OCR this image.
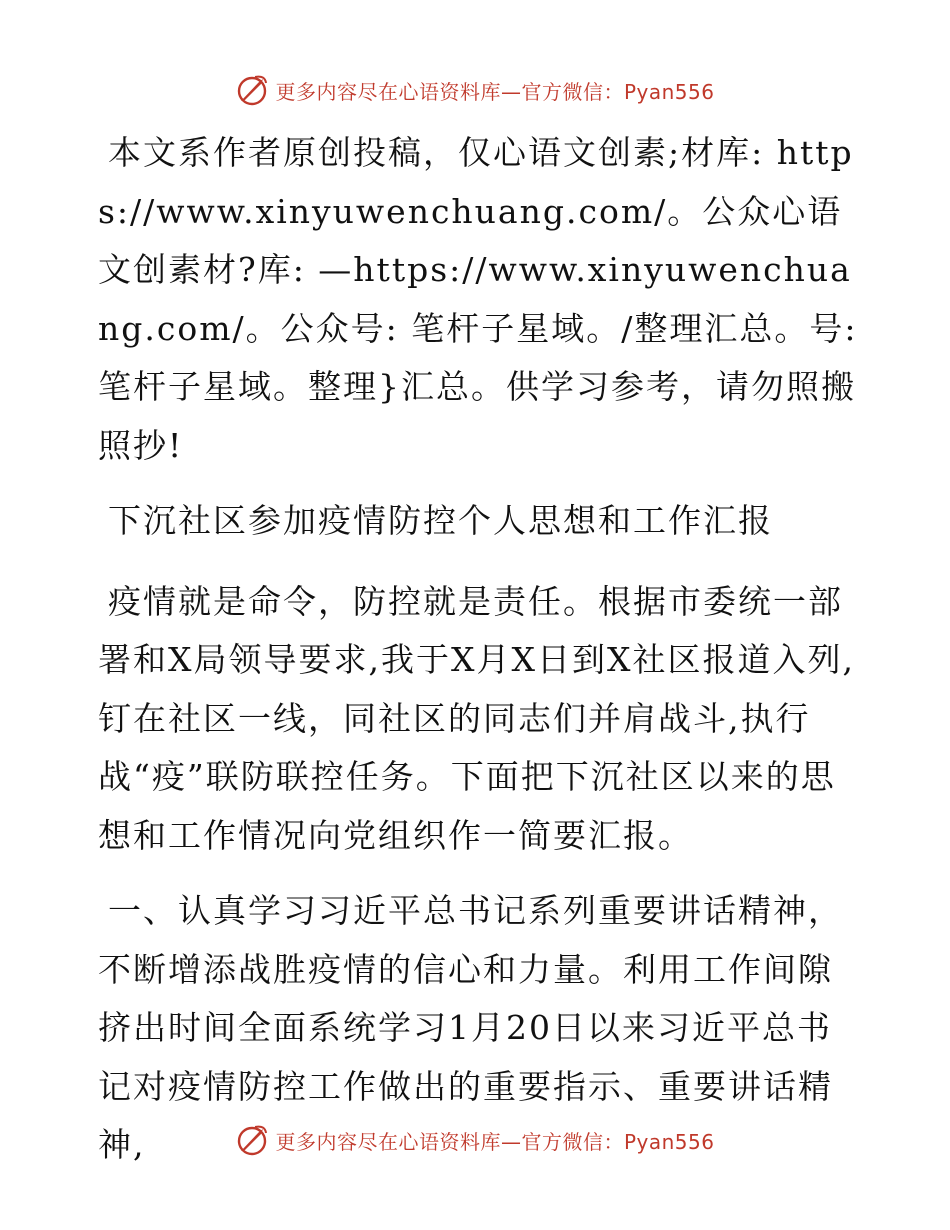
更多内容尽在心语资料库—官方微信：Pyan556

本文系作者原创投稿，仅心语文创素;材库: https://www.xinyuwenchuang.com/。公众心语文创素材?库: —https://www.xinyuwenchuang.com/。公众号: 笔杆子星域。/整理汇总。号: 笔杆子星域。整理}汇总。供学习参考，请勿照搬照抄!

下沉社区参加疫情防控个人思想和工作汇报

疫情就是命令，防控就是责任。根据市委统一部署和X局领导要求,我于X月X日到X社区报道入列,钉在社区一线，同社区的同志们并肩战斗,执行战“疫”联防联控任务。下面把下沉社区以来的思想和工作情况向党组织作一简要汇报。

一、认真学习习近平总书记系列重要讲话精神，不断增添战胜疫情的信心和力量。利用工作间隙挤出时间全面系统学习1月20日以来习近平总书记对疫情防控工作做出的重要指示、重要讲话精神,	更多内容尽在心语资料库—官方微信：Pyan556
